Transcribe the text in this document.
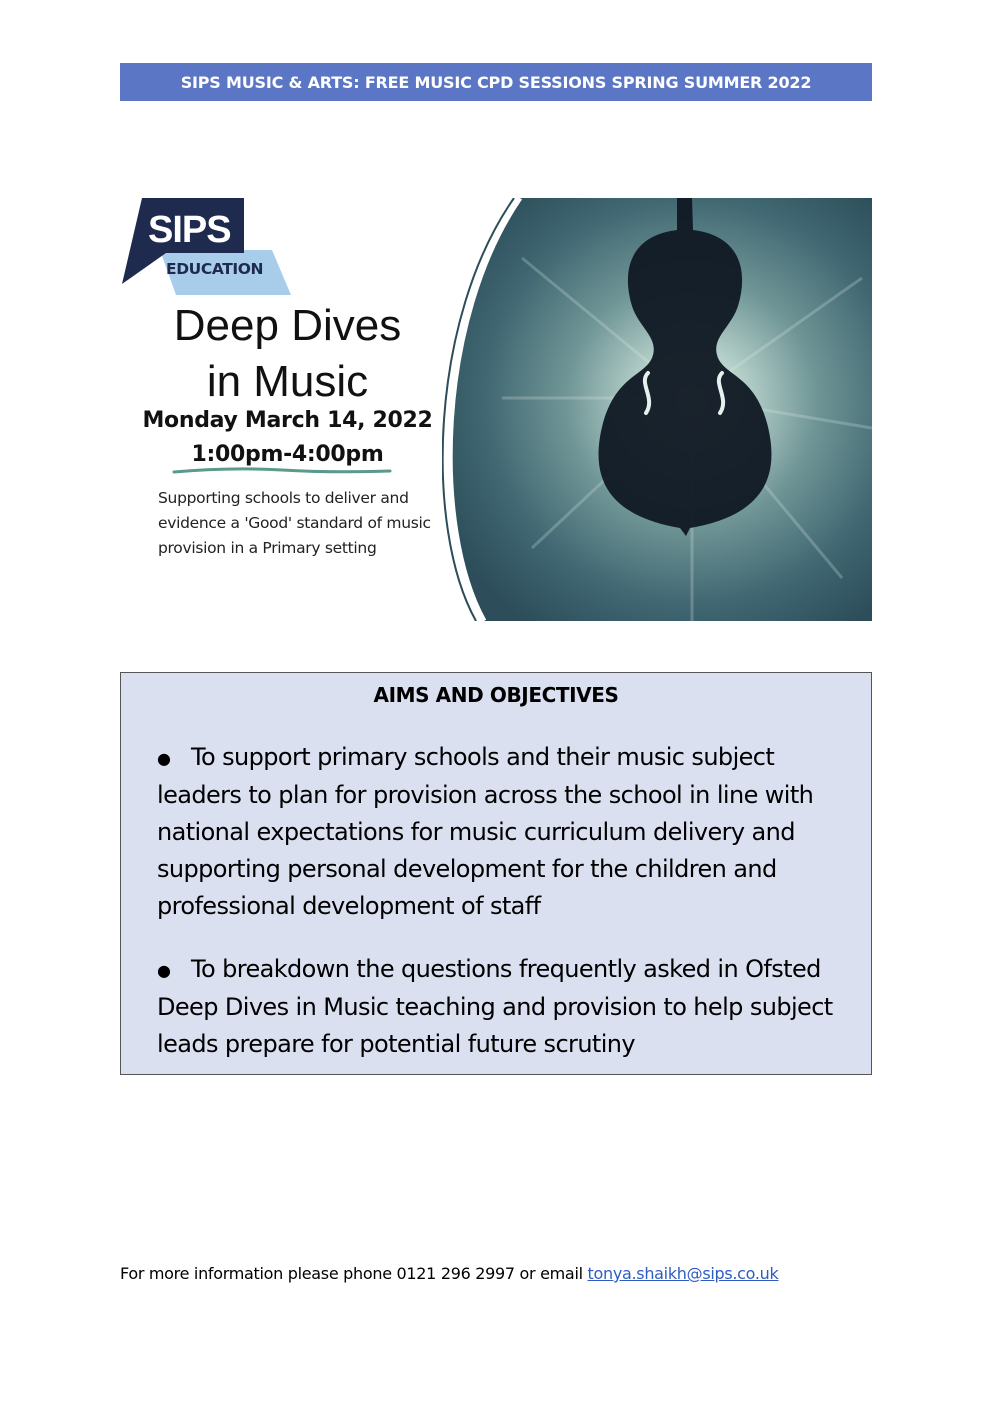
SIPS MUSIC & ARTS: FREE MUSIC CPD SESSIONS SPRING SUMMER 2022
SIPS
EDUCATION
Deep Dives
in Music
Monday March 14, 2022
1:00pm-4:00pm
Supporting schools to deliver and evidence a 'Good' standard of music provision in a Primary setting
AIMS AND OBJECTIVES
● To support primary schools and their music subject leaders to plan for provision across the school in line with national expectations for music curriculum delivery and supporting personal development for the children and professional development of staff
● To breakdown the questions frequently asked in Ofsted Deep Dives in Music teaching and provision to help subject leads prepare for potential future scrutiny
For more information please phone 0121 296 2997 or email tonya.shaikh@sips.co.uk
